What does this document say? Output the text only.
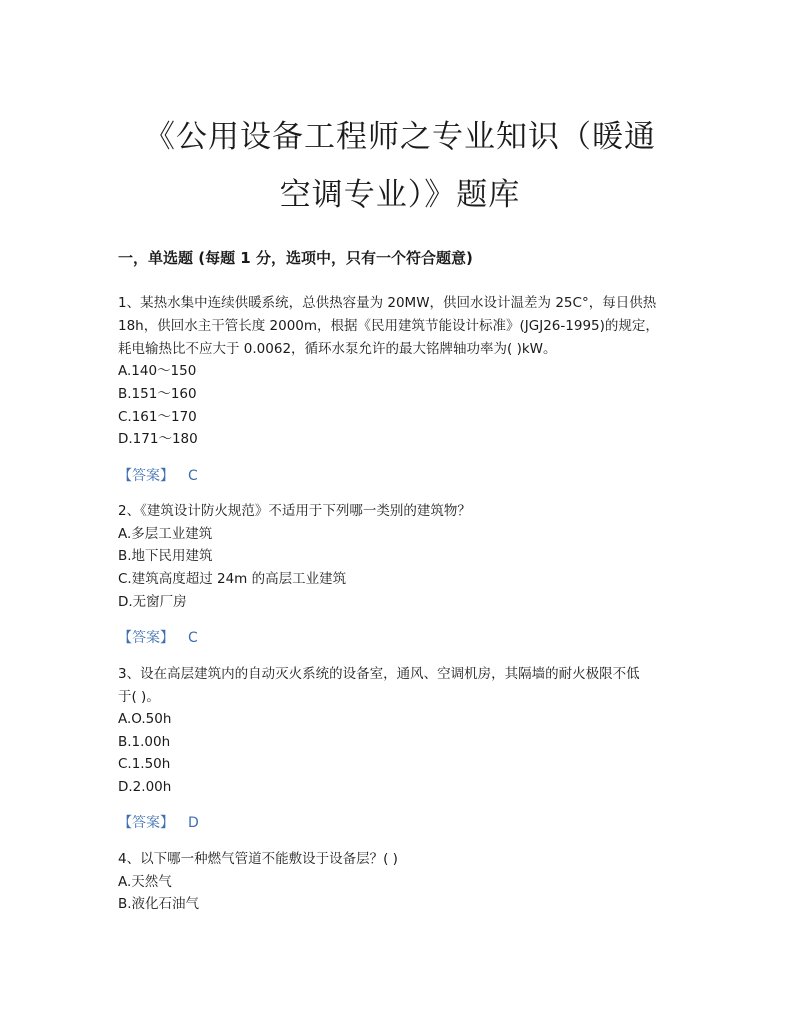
《公用设备工程师之专业知识（暖通
空调专业）》题库
一，单选题 (每题 1 分，选项中，只有一个符合题意)
1、某热水集中连续供暖系统，总供热容量为 20MW，供回水设计温差为 25C°，每日供热
18h，供回水主干管长度 2000m，根据《民用建筑节能设计标准》(JGJ26-1995)的规定，
耗电输热比不应大于 0.0062，循环水泵允许的最大铭牌轴功率为( )kW。
A.140～150
B.151～160
C.161～170
D.171～180
【答案】 C
2、《建筑设计防火规范》不适用于下列哪一类别的建筑物？
A.多层工业建筑
B.地下民用建筑
C.建筑高度超过 24m 的高层工业建筑
D.无窗厂房
【答案】 C
3、设在高层建筑内的自动灭火系统的设备室，通风、空调机房，其隔墙的耐火极限不低
于( )。
A.O.50h
B.1.00h
C.1.50h
D.2.00h
【答案】 D
4、以下哪一种燃气管道不能敷设于设备层？( )
A.天然气
B.液化石油气
